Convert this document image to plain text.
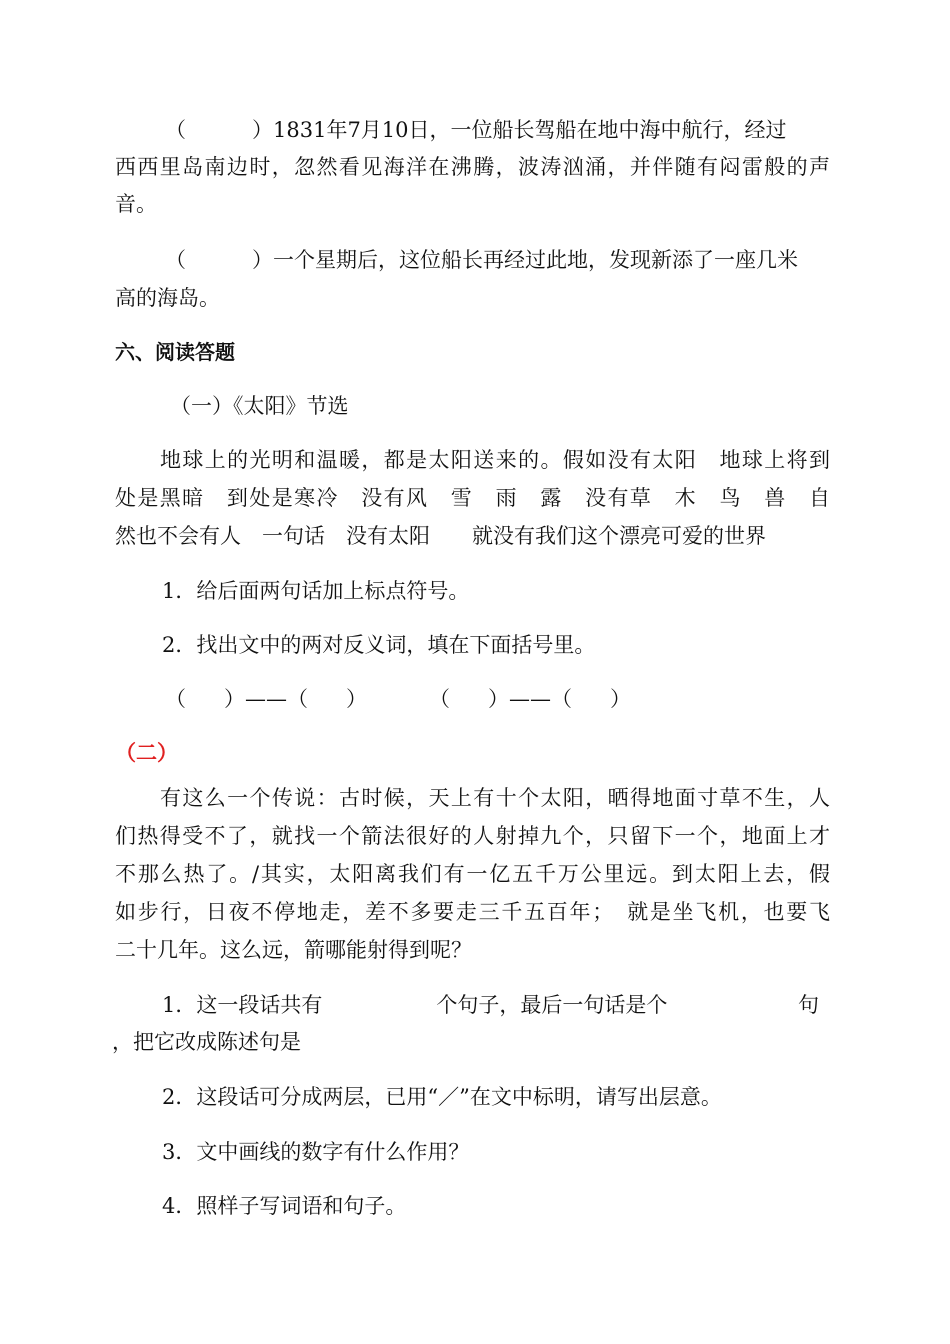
（	）1831年7月10日，一位船长驾船在地中海中航行，经过

西西里岛南边时，忽然看见海洋在沸腾，波涛汹涌，并伴随有闷雷般的声

音。

（	）一个星期后，这位船长再经过此地，发现新添了一座几米

高的海岛。

六、阅读答题

（一）《太阳》节选

地球上的光明和温暖，都是太阳送来的。假如没有太阳　地球上将到

处是黑暗　到处是寒冷　没有风　雪　雨　露　没有草　木　鸟　兽　自

然也不会有人　一句话　没有太阳　　就没有我们这个漂亮可爱的世界

1．给后面两句话加上标点符号。

2．找出文中的两对反义词，填在下面括号里。

（ ）——（ ）	（ ）——（ ）

（二）

有这么一个传说：古时候，天上有十个太阳，晒得地面寸草不生，人

们热得受不了，就找一个箭法很好的人射掉九个，只留下一个，地面上才

不那么热了。/其实，太阳离我们有一亿五千万公里远。到太阳上去，假

如步行，日夜不停地走，差不多要走三千五百年；　就是坐飞机，也要飞

二十几年。这么远，箭哪能射得到呢？

1．这一段话共有	个句子，最后一句话是个	句

，把它改成陈述句是

2．这段话可分成两层，已用“／”在文中标明，请写出层意。

3．文中画线的数字有什么作用？

4．照样子写词语和句子。
